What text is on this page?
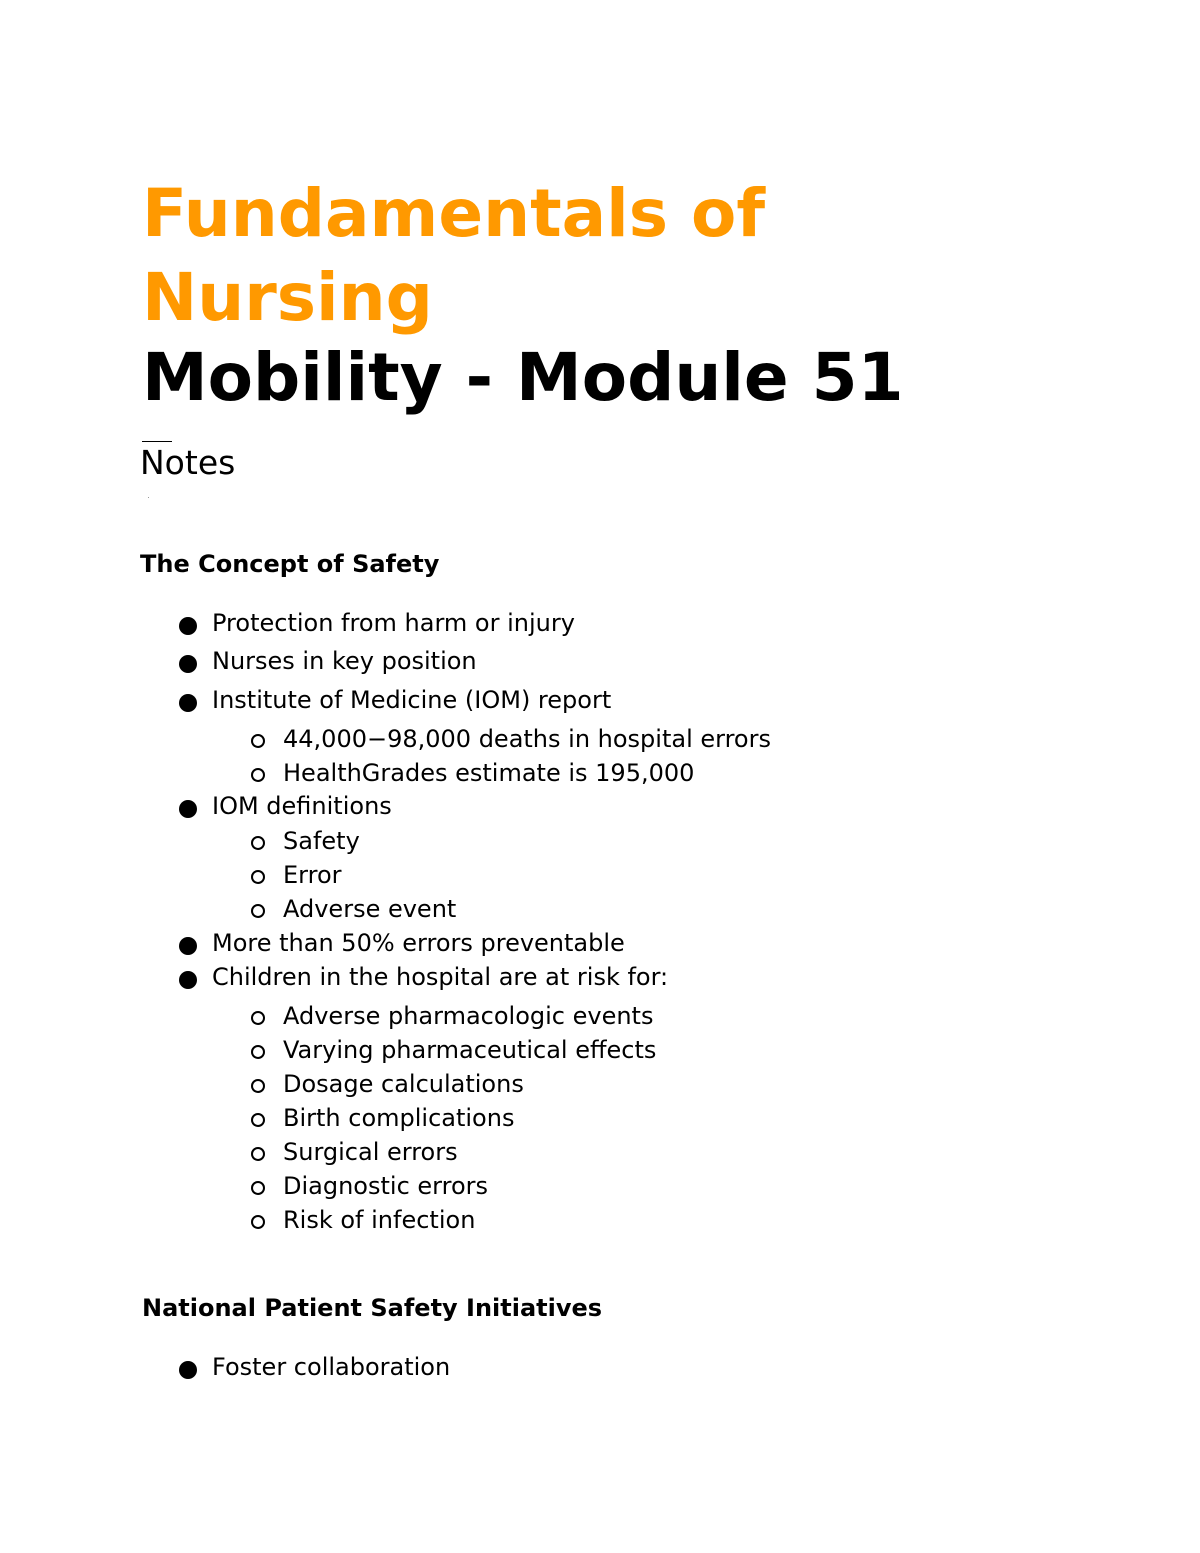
Fundamentals of
Nursing
Mobility - Module 51
Notes
The Concept of Safety
Protection from harm or injury
Nurses in key position
Institute of Medicine (IOM) report
44,000−98,000 deaths in hospital errors
HealthGrades estimate is 195,000
IOM definitions
Safety
Error
Adverse event
More than 50% errors preventable
Children in the hospital are at risk for:
Adverse pharmacologic events
Varying pharmaceutical effects
Dosage calculations
Birth complications
Surgical errors
Diagnostic errors
Risk of infection
National Patient Safety Initiatives
Foster collaboration
